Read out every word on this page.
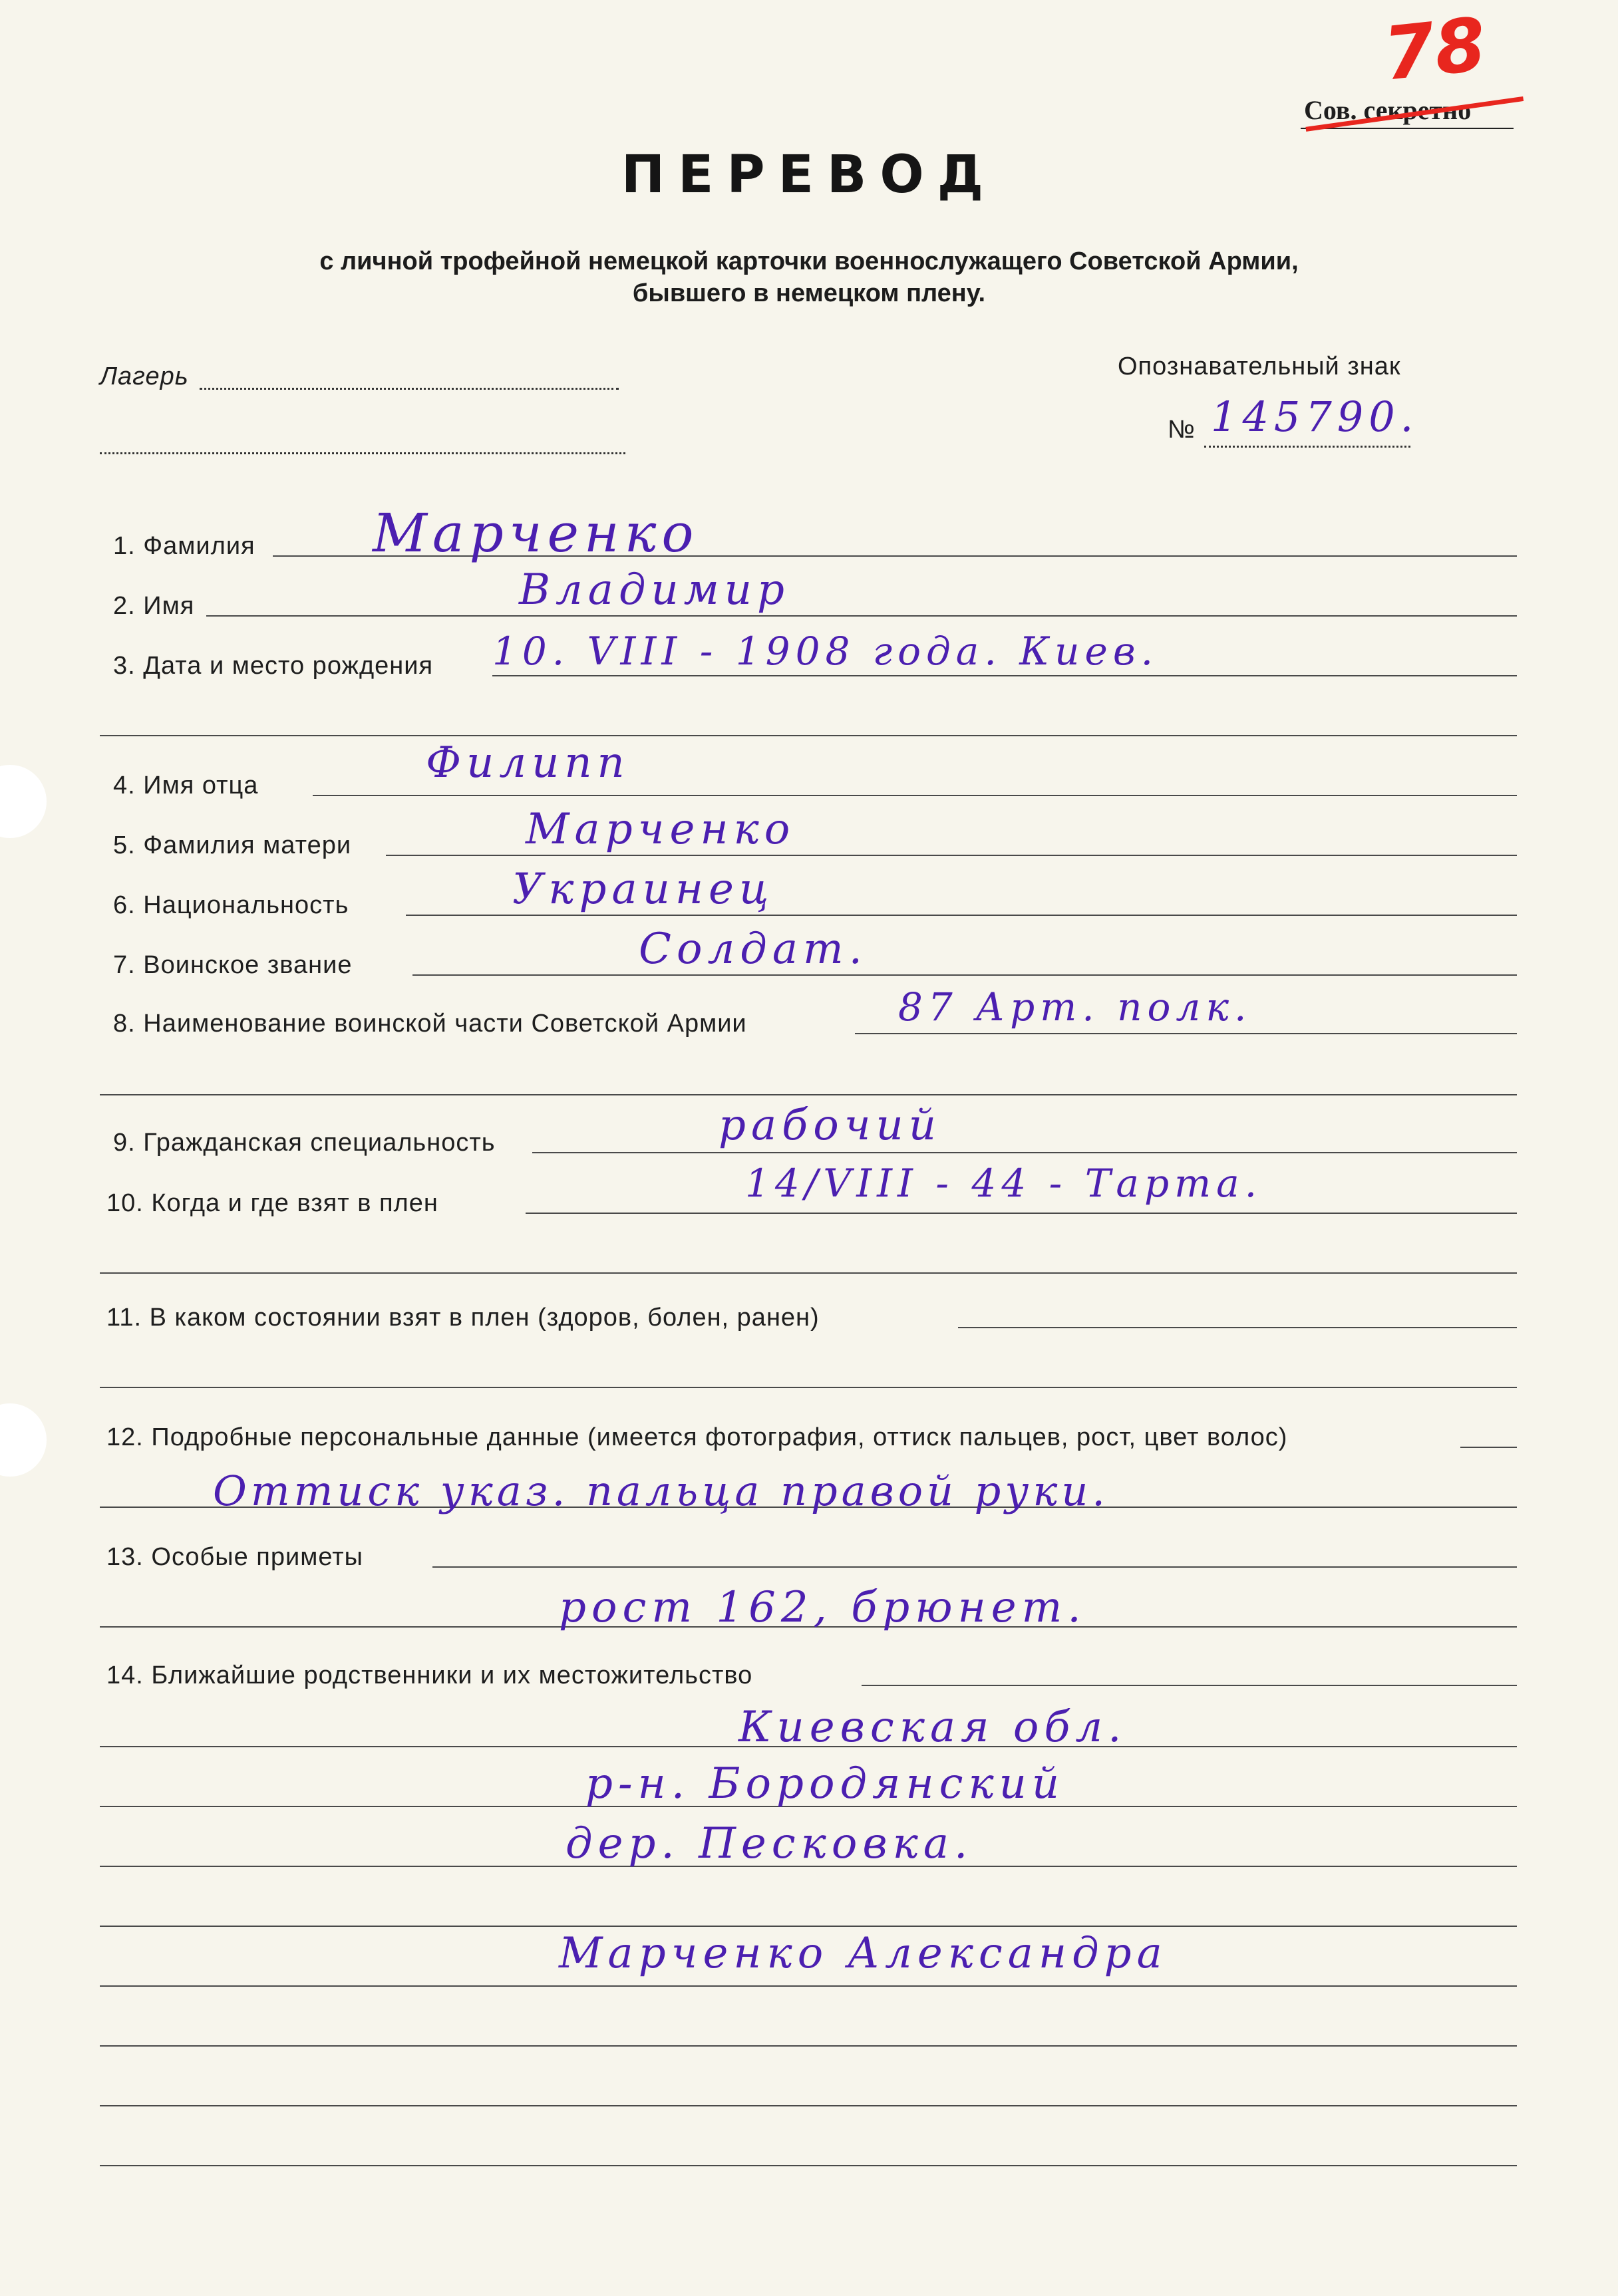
78
Сов. секретно
ПЕРЕВОД
с личной трофейной немецкой карточки военнослужащего Советской Армии,
бывшего в немецком плену.
Лагерь	Опознавательный знак
№ 145790.
1. Фамилия
2. Имя
3. Дата и место рождения
4. Имя отца
5. Фамилия матери
6. Национальность
7. Воинское звание
8. Наименование воинской части Советской Армии
9. Гражданская специальность
10. Когда и где взят в плен
11. В каком состоянии взят в плен (здоров, болен, ранен)
12. Подробные персональные данные (имеется фотография, оттиск пальцев, рост, цвет волос)
13. Особые приметы
14. Ближайшие родственники и их местожительство
Марченко
Владимир
10. VIII - 1908 года. Киев.
Филипп
Марченко
Украинец
Солдат.
87 Арт. полк.
рабочий
14/VIII - 44 - Тарта.
Оттиск указ. пальца правой руки.
рост 162, брюнет.
Киевская обл.
р-н. Бородянский
дер. Песковка.
Марченко Александра
